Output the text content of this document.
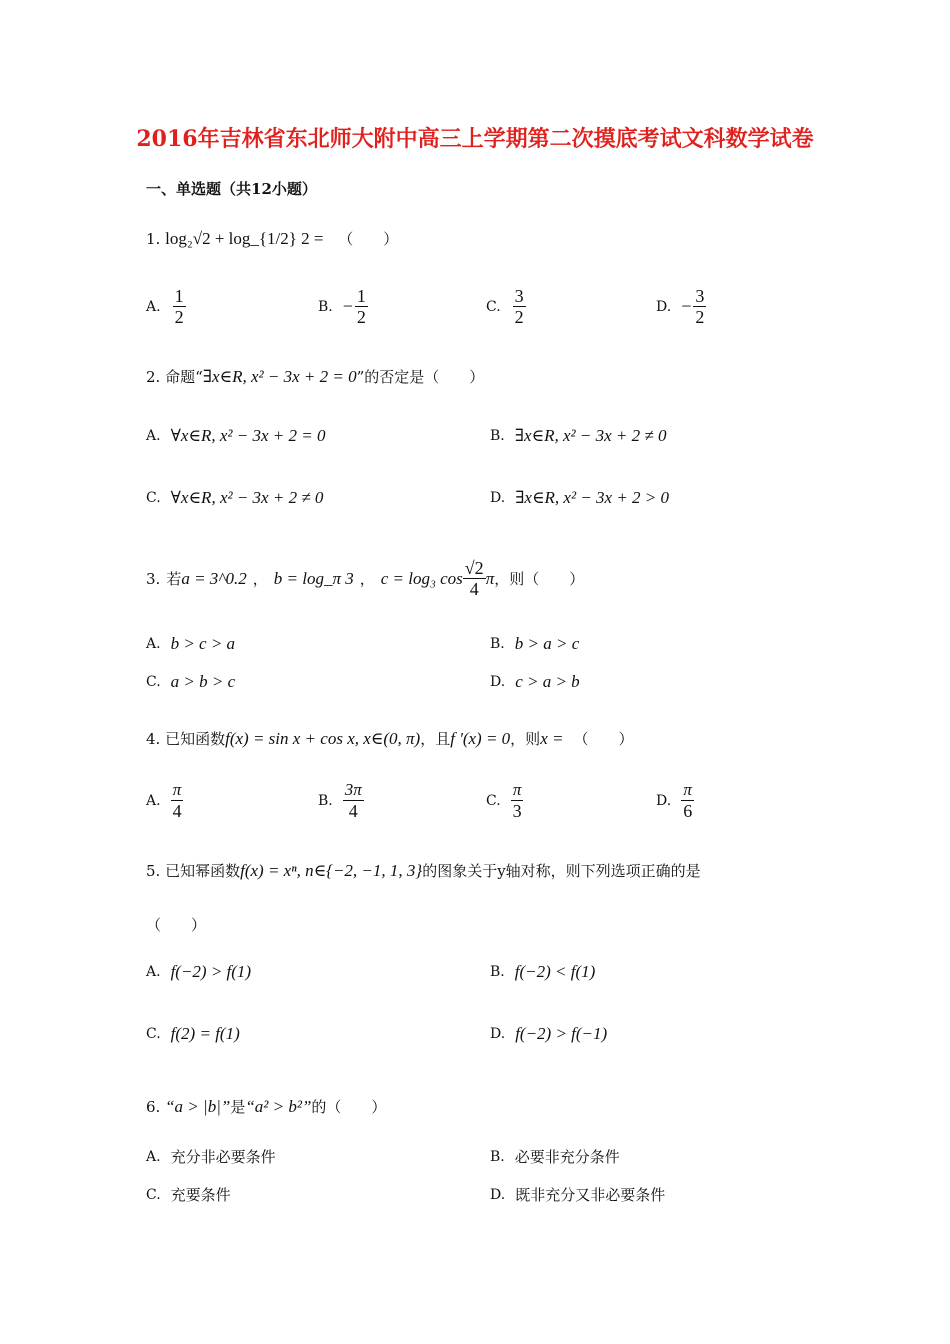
2016年吉林省东北师大附中高三上学期第二次摸底考试文科数学试卷
一、单选题（共12小题）
1. log₂√2 + log_{1/2} 2 = （　　）
A. $\frac{1}{2}$	B. − $\frac{1}{2}$	C. $\frac{3}{2}$	D. − $\frac{3}{2}$
2. 命题“∃x∈R, x² − 3x + 2 = 0”的否定是（　　）
A. ∀x∈R, x² − 3x + 2 = 0	B. ∃x∈R, x² − 3x + 2 ≠ 0
C. ∀x∈R, x² − 3x + 2 ≠ 0	D. ∃x∈R, x² − 3x + 2 > 0
3. 若 a = 3^0.2 ， b = log_π 3 ， c = log₃ $\cos \frac{√2}{4}$ π ，则（　　）
A. b > c > a	B. b > a > c
C. a > b > c	D. c > a > b
4. 已知函数f(x) = sin x + cos x, x∈(0, π)，且f '(x) = 0，则x = （　　）
A. $\frac{\pi}{4}$	B. $\frac{3\pi}{4}$	C. $\frac{\pi}{3}$	D. $\frac{\pi}{6}$
5. 已知幂函数f(x) = xⁿ, n∈{−2, −1, 1, 3}的图象关于y轴对称，则下列选项正确的是
（　　）
A. f(−2) > f(1)	B. f(−2) < f(1)
C. f(2) = f(1)	D. f(−2) > f(−1)
6. “a > |b|”是“a² > b²”的（　　）
A. 充分非必要条件	B. 必要非充分条件
C. 充要条件	D. 既非充分又非必要条件
